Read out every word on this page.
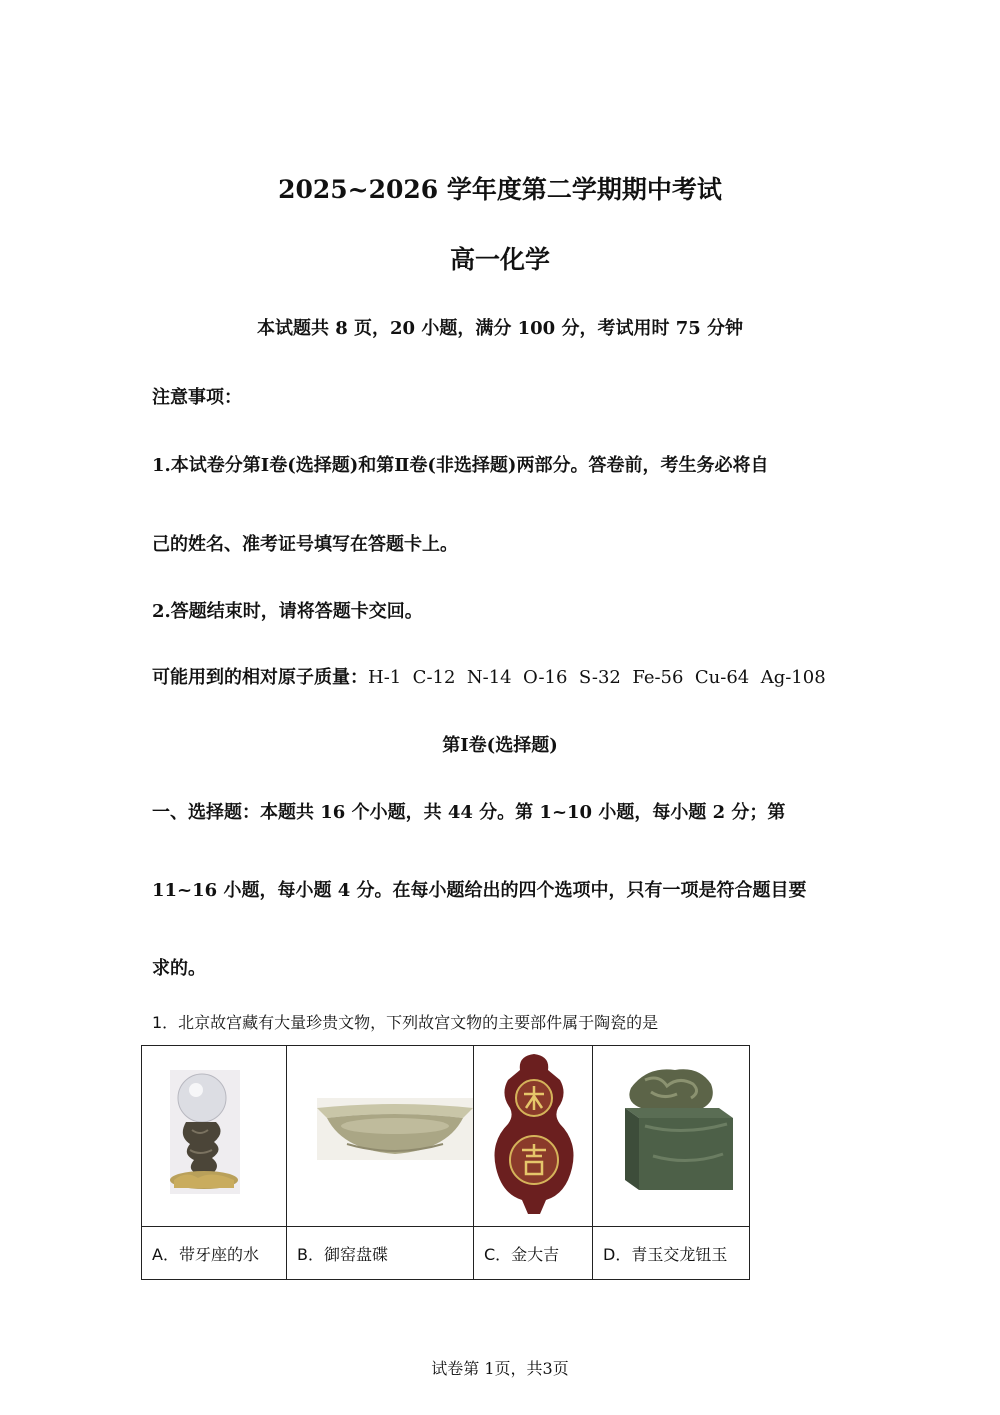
2025~2026 学年度第二学期期中考试
高一化学
本试题共 8 页，20 小题，满分 100 分，考试用时 75 分钟
注意事项：
1.本试卷分第Ⅰ卷(选择题)和第Ⅱ卷(非选择题)两部分。答卷前，考生务必将自
己的姓名、准考证号填写在答题卡上。
2.答题结束时，请将答题卡交回。
可能用到的相对原子质量：H-1  C-12  N-14  O-16  S-32  Fe-56  Cu-64  Ag-108
第Ⅰ卷(选择题)
一、选择题：本题共 16 个小题，共 44 分。第 1~10 小题，每小题 2 分；第
11~16 小题，每小题 4 分。在每小题给出的四个选项中，只有一项是符合题目要
求的。
1．北京故宫藏有大量珍贵文物，下列故宫文物的主要部件属于陶瓷的是

A．带牙座的水	B．御窑盘碟	C．金大吉	D．青玉交龙钮玉
试卷第 1页，共3页
